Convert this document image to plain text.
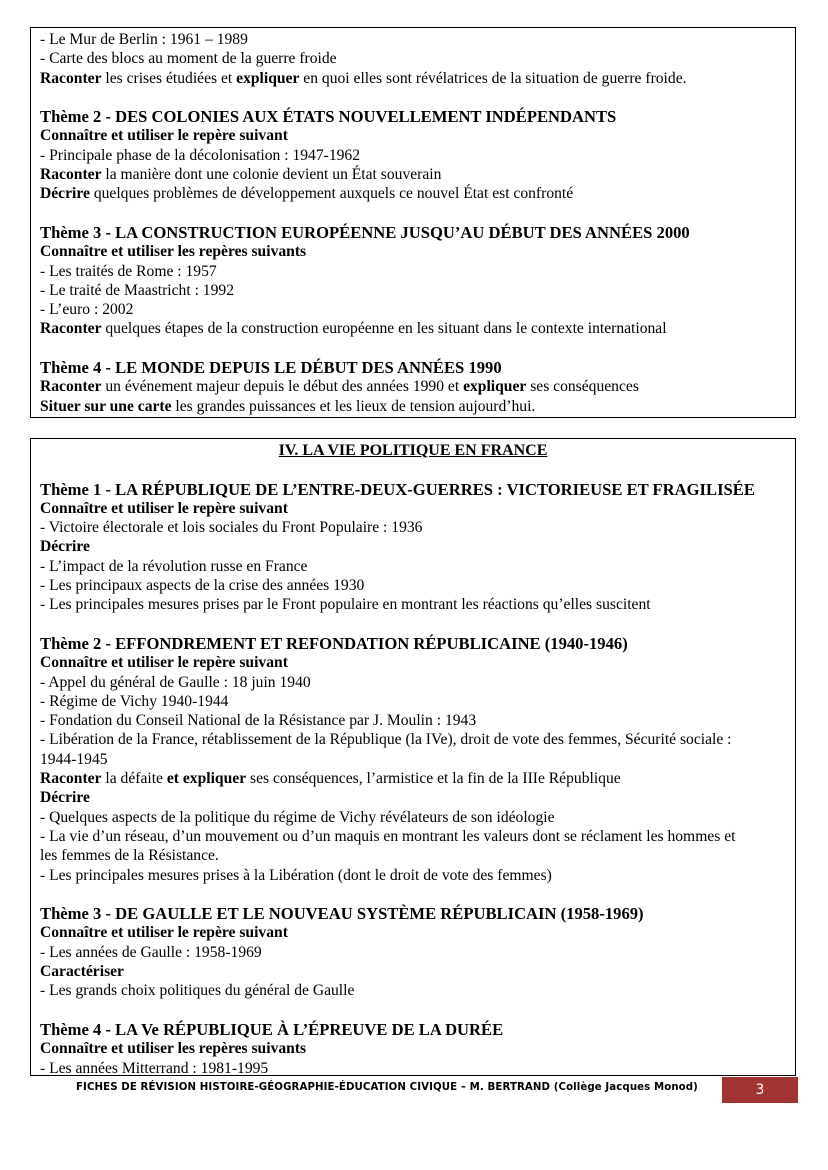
- Le Mur de Berlin : 1961 – 1989
- Carte des blocs au moment de la guerre froide
Raconter les crises étudiées et expliquer en quoi elles sont révélatrices de la situation de guerre froide.
Thème 2 - DES COLONIES AUX ÉTATS NOUVELLEMENT INDÉPENDANTS
Connaître et utiliser le repère suivant
- Principale phase de la décolonisation : 1947-1962
Raconter la manière dont une colonie devient un État souverain
Décrire quelques problèmes de développement auxquels ce nouvel État est confronté
Thème 3 - LA CONSTRUCTION EUROPÉENNE JUSQU’AU DÉBUT DES ANNÉES 2000
Connaître et utiliser les repères suivants
- Les traités de Rome : 1957
- Le traité de Maastricht : 1992
- L’euro : 2002
Raconter quelques étapes de la construction européenne en les situant dans le contexte international
Thème 4 - LE MONDE DEPUIS LE DÉBUT DES ANNÉES 1990
Raconter un événement majeur depuis le début des années 1990 et expliquer ses conséquences
Situer sur une carte les grandes puissances et les lieux de tension aujourd’hui.
IV. LA VIE POLITIQUE EN FRANCE
Thème 1 - LA RÉPUBLIQUE DE L’ENTRE-DEUX-GUERRES : VICTORIEUSE ET FRAGILISÉE
Connaître et utiliser le repère suivant
- Victoire électorale et lois sociales du Front Populaire : 1936
Décrire
- L’impact de la révolution russe en France
- Les principaux aspects de la crise des années 1930
- Les principales mesures prises par le Front populaire en montrant les réactions qu’elles suscitent
Thème 2 - EFFONDREMENT ET REFONDATION RÉPUBLICAINE (1940-1946)
Connaître et utiliser le repère suivant
- Appel du général de Gaulle : 18 juin 1940
- Régime de Vichy 1940-1944
- Fondation du Conseil National de la Résistance par J. Moulin : 1943
- Libération de la France, rétablissement de la République (la IVe), droit de vote des femmes, Sécurité sociale :
1944-1945
Raconter la défaite et expliquer ses conséquences, l’armistice et la fin de la IIIe République
Décrire
- Quelques aspects de la politique du régime de Vichy révélateurs de son idéologie
- La vie d’un réseau, d’un mouvement ou d’un maquis en montrant les valeurs dont se réclament les hommes et
les femmes de la Résistance.
- Les principales mesures prises à la Libération (dont le droit de vote des femmes)
Thème 3 - DE GAULLE ET LE NOUVEAU SYSTÈME RÉPUBLICAIN (1958-1969)
Connaître et utiliser le repère suivant
- Les années de Gaulle : 1958-1969
Caractériser
- Les grands choix politiques du général de Gaulle
Thème 4 - LA Ve RÉPUBLIQUE À L’ÉPREUVE DE LA DURÉE
Connaître et utiliser les repères suivants
- Les années Mitterrand : 1981-1995
FICHES DE RÉVISION HISTOIRE-GÉOGRAPHIE-ÉDUCATION CIVIQUE – M. BERTRAND (Collège Jacques Monod)	3
